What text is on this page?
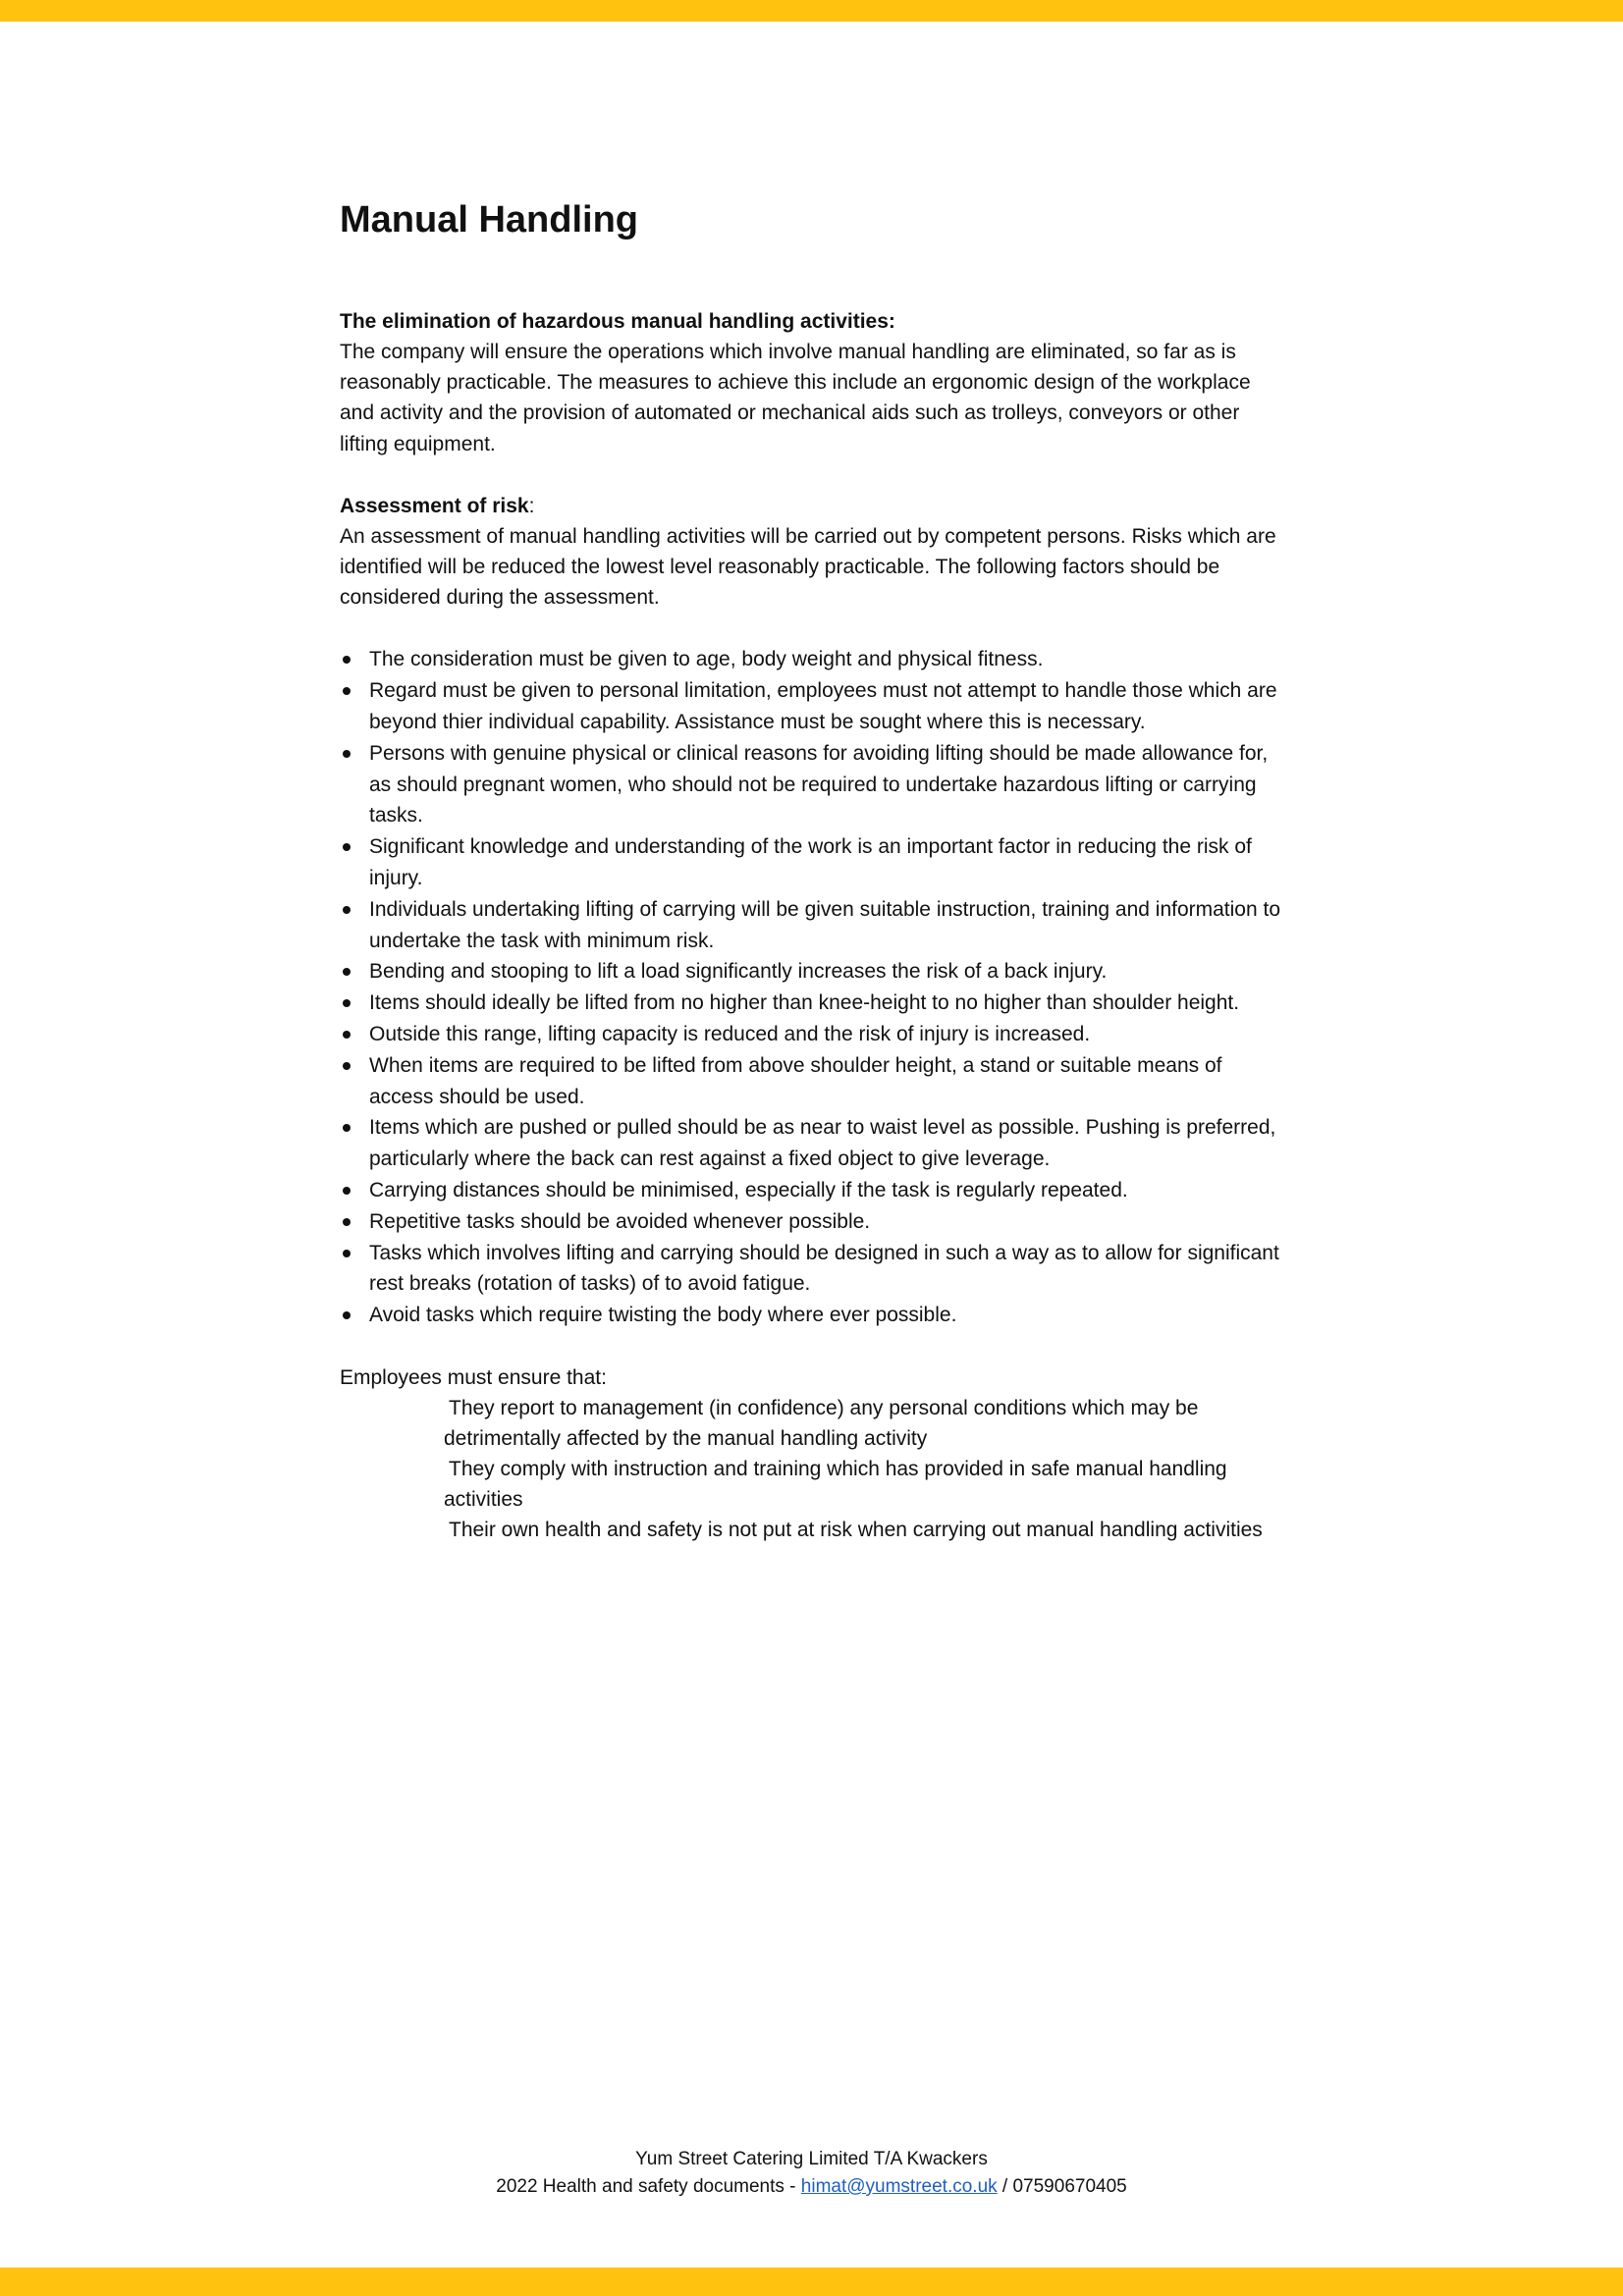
Manual Handling
The elimination of hazardous manual handling activities:

The company will ensure the operations which involve manual handling are eliminated, so far as is reasonably practicable. The measures to achieve this include an ergonomic design of the workplace and activity and the provision of automated or mechanical aids such as trolleys, conveyors or other lifting equipment.

Assessment of risk:

An assessment of manual handling activities will be carried out by competent persons. Risks which are identified will be reduced the lowest level reasonably practicable. The following factors should be considered during the assessment.

The consideration must be given to age, body weight and physical fitness.
Regard must be given to personal limitation, employees must not attempt to handle those which are beyond thier individual capability. Assistance must be sought where this is necessary.
Persons with genuine physical or clinical reasons for avoiding lifting should be made allowance for, as should pregnant women, who should not be required to undertake hazardous lifting or carrying tasks.
Significant knowledge and understanding of the work is an important factor in reducing the risk of injury.
Individuals undertaking lifting of carrying will be given suitable instruction, training and information to undertake the task with minimum risk.
Bending and stooping to lift a load significantly increases the risk of a back injury.
Items should ideally be lifted from no higher than knee-height to no higher than shoulder height.
Outside this range, lifting capacity is reduced and the risk of injury is increased.
When items are required to be lifted from above shoulder height, a stand or suitable means of access should be used.
Items which are pushed or pulled should be as near to waist level as possible. Pushing is preferred, particularly where the back can rest against a fixed object to give leverage.
Carrying distances should be minimised, especially if the task is regularly repeated.
Repetitive tasks should be avoided whenever possible.
Tasks which involves lifting and carrying should be designed in such a way as to allow for significant rest breaks (rotation of tasks) of to avoid fatigue.
Avoid tasks which require twisting the body where ever possible.
Employees must ensure that:
They report to management (in confidence) any personal conditions which may be detrimentally affected by the manual handling activity
They comply with instruction and training which has provided in safe manual handling activities
Their own health and safety is not put at risk when carrying out manual handling activities
Yum Street Catering Limited T/A Kwackers
2022 Health and safety documents - himat@yumstreet.co.uk / 07590670405
